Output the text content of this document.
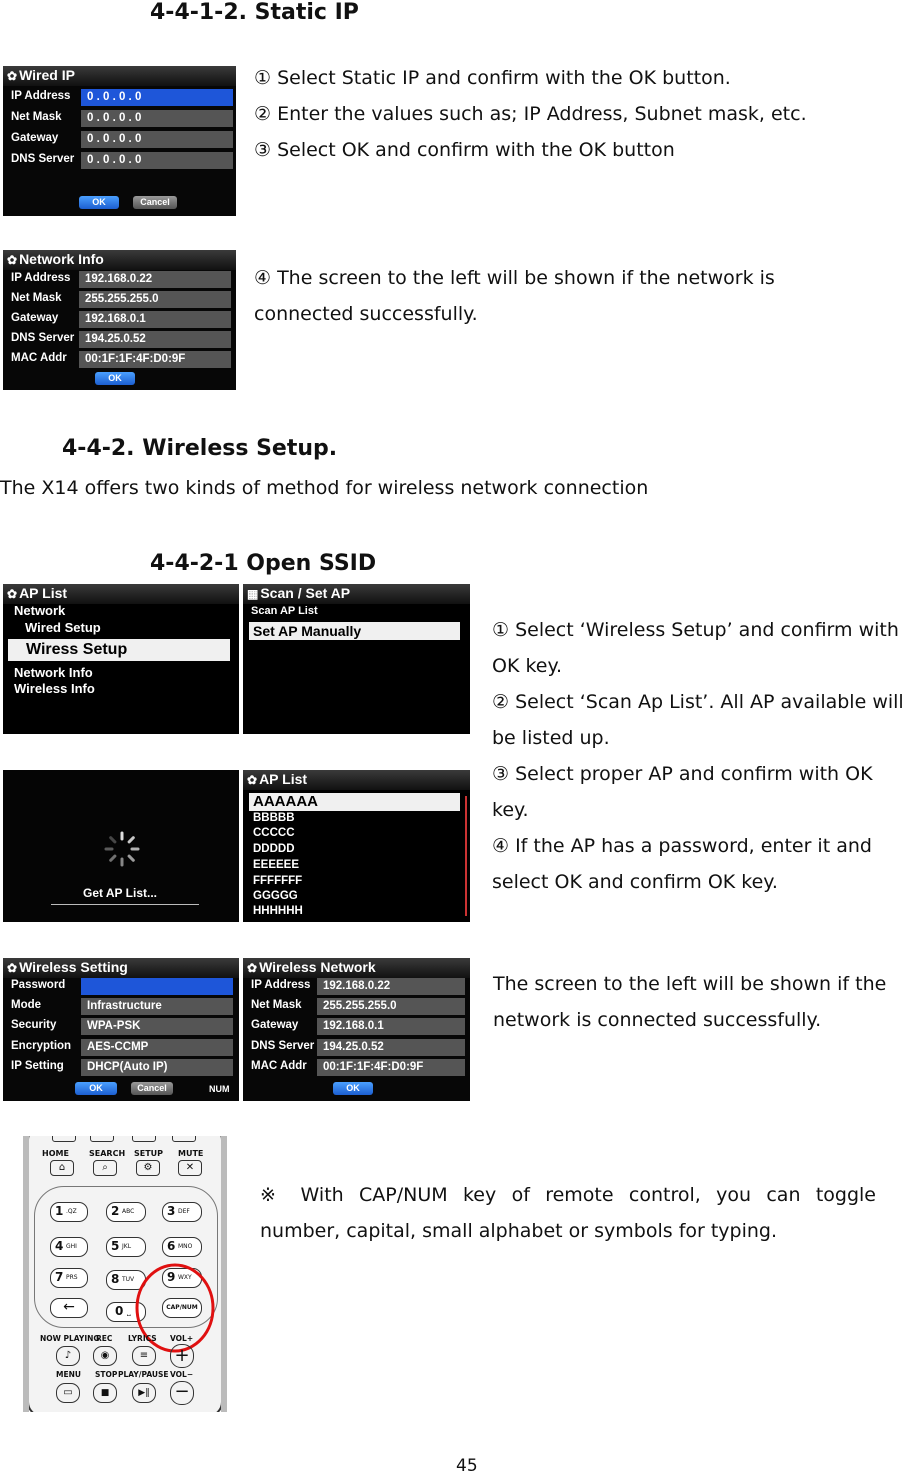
4-4-1-2. Static IP
✿ Wired IP
IP Address	0 . 0 . 0 . 0
Net Mask	0 . 0 . 0 . 0
Gateway	0 . 0 . 0 . 0
DNS Server	0 . 0 . 0 . 0
OK	Cancel
① Select Static IP and confirm with the OK button.
② Enter the values such as; IP Address, Subnet mask, etc.
③ Select OK and confirm with the OK button
✿ Network Info
IP Address	192.168.0.22
Net Mask	255.255.255.0
Gateway	192.168.0.1
DNS Server 194.25.0.52
MAC Addr	00:1F:1F:4F:D0:9F
OK
④ The screen to the left will be shown if the network is
connected successfully.
4-4-2. Wireless Setup.
The X14 offers two kinds of method for wireless network connection
4-4-2-1 Open SSID
✿ AP List
Network
Wired Setup
Wiress Setup
Network Info
Wireless Info
▦ Scan / Set AP
Scan AP List
Set AP Manually	① Select ‘Wireless Setup’ and confirm with
OK key.
② Select ‘Scan Ap List’. All AP available will
be listed up.
③ Select proper AP and confirm with OK
key.
④ If the AP has a password, enter it and
select OK and confirm OK key.
Get AP List...
✿ AP List
AAAAAA
BBBBB
CCCCC
DDDDD
EEEEEE
FFFFFFF
GGGGG
HHHHHH
✿ Wireless Setting
Password
Mode	Infrastructure
Security	WPA-PSK
Encryption	AES-CCMP
IP Setting	DHCP(Auto IP)
OK	Cancel	NUM
✿ Wireless Network
IP Address	192.168.0.22
Net Mask	255.255.255.0
Gateway	192.168.0.1
DNS Server 194.25.0.52
MAC Addr	00:1F:1F:4F:D0:9F
OK
The screen to the left will be shown if the
network is connected successfully.
HOME	SEARCH SETUP MUTE
⌂	⌕	⚙	✕
1 .QZ	2 ABC	3 DEF
4 GHI	5 JKL	6 MNO
7 PRS	8 TUV	9 WXY
←	0 ⎵	CAP/NUM
NOW PLAYING
REC LYRICS VOL+
♪	◉	≡	+
MENU STOP PLAY/PAUSE VOL−
▭	■	▶‖	−
※ With CAP/NUM key of remote control, you can toggle
number, capital, small alphabet or symbols for typing.
45
